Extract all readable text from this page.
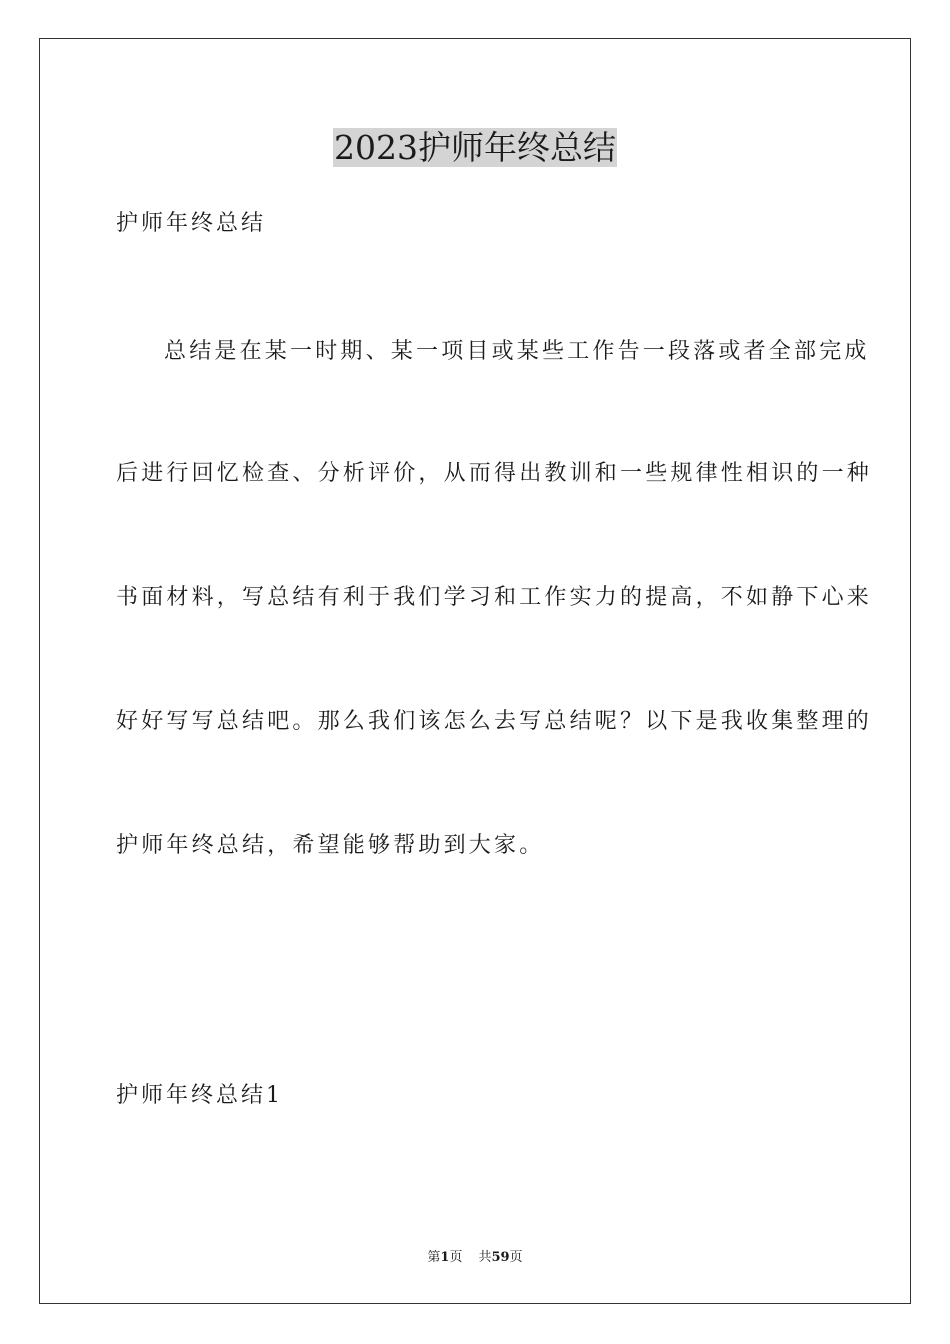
2023护师年终总结
护师年终总结
总结是在某一时期、某一项目或某些工作告一段落或者全部完成
后进行回忆检查、分析评价，从而得出教训和一些规律性相识的一种
书面材料，写总结有利于我们学习和工作实力的提高，不如静下心来
好好写写总结吧。那么我们该怎么去写总结呢？以下是我收集整理的
护师年终总结，希望能够帮助到大家。
护师年终总结1
第1页 共59页
